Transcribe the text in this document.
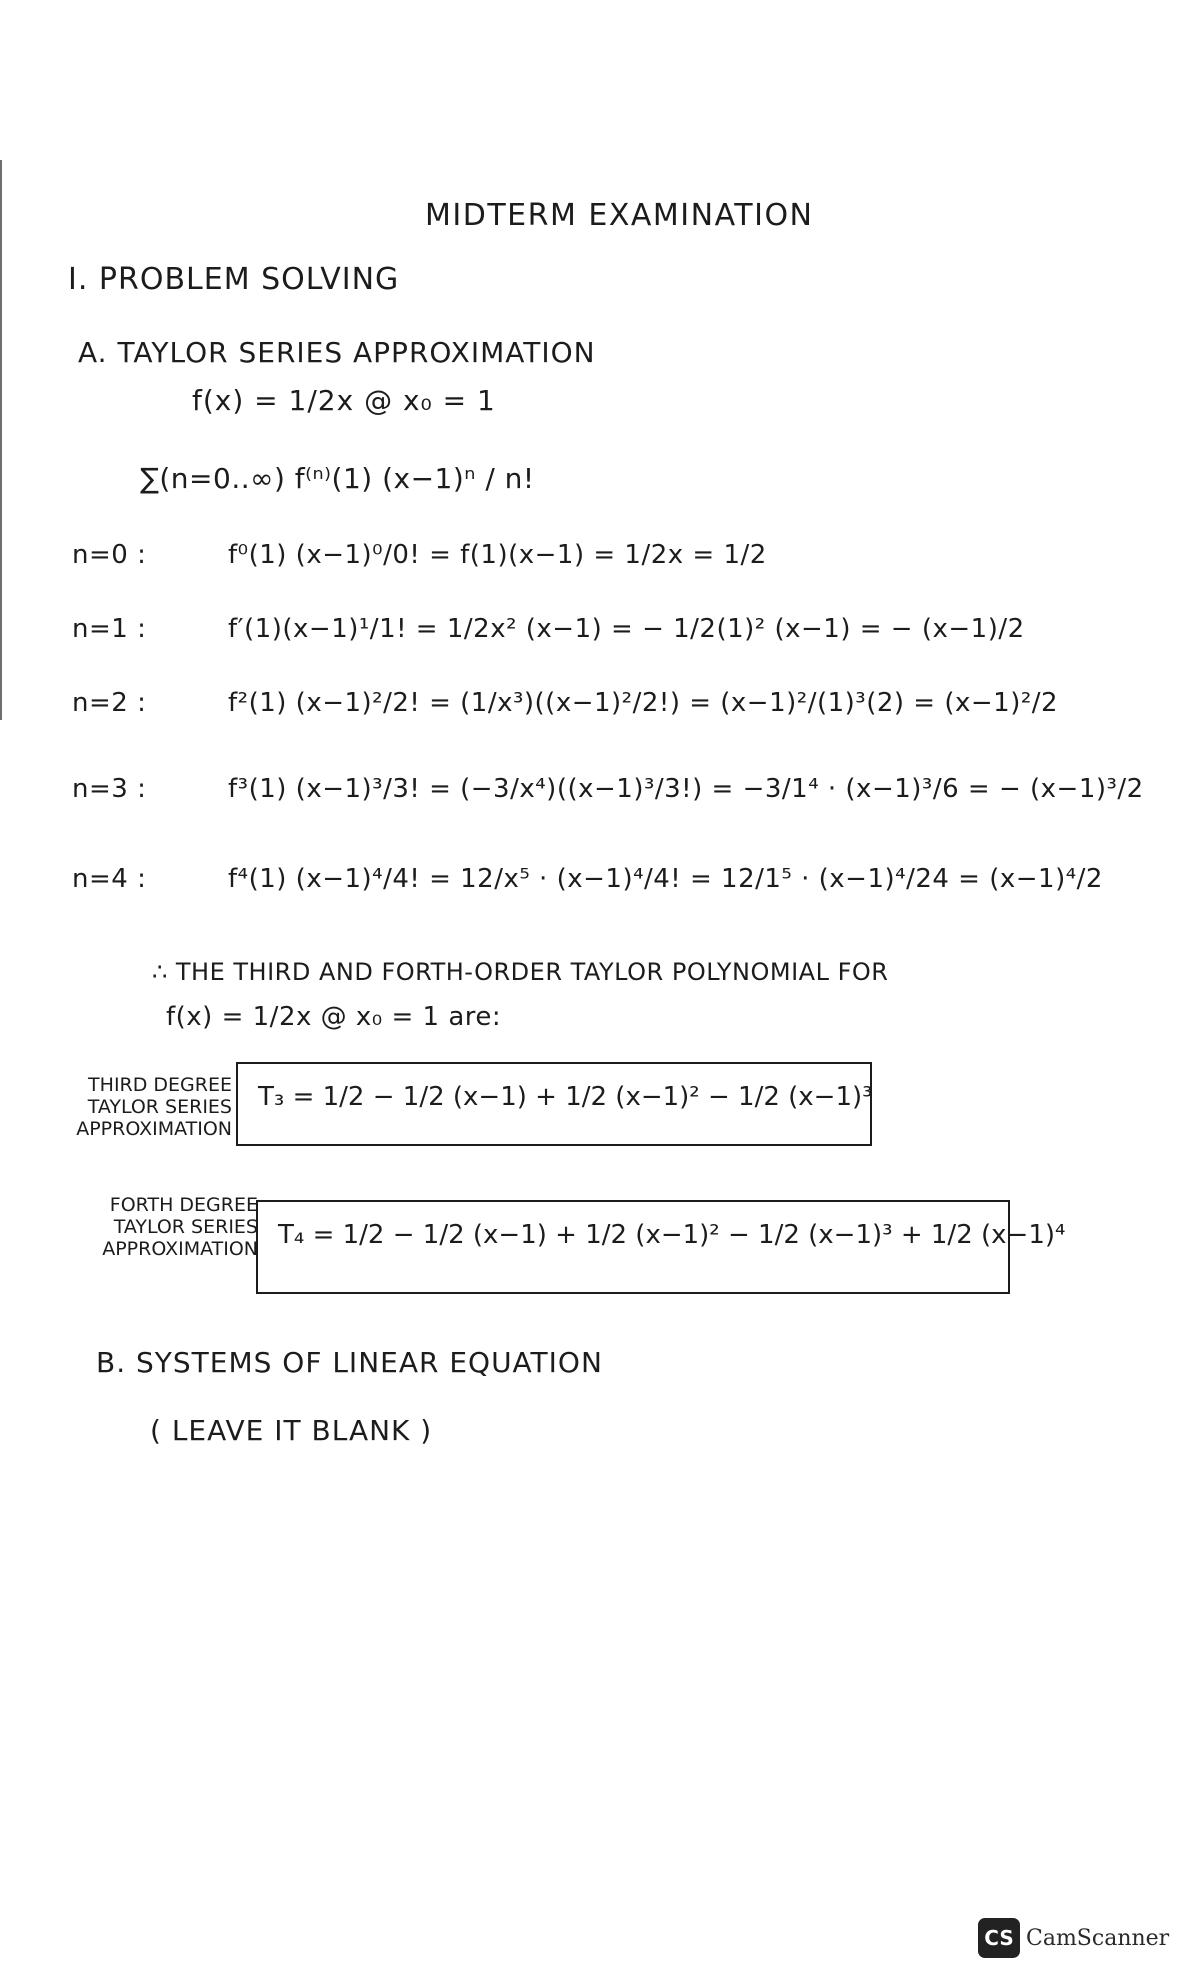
MIDTERM EXAMINATION
I. PROBLEM SOLVING
A. TAYLOR SERIES APPROXIMATION
f(x) = 1/2x @ x₀ = 1
∑(n=0..∞) f⁽ⁿ⁾(1) (x−1)ⁿ / n!
n=0 :	f⁰(1) (x−1)⁰/0! = f(1)(x−1) = 1/2x = 1/2
n=1 :	f′(1)(x−1)¹/1! = 1/2x² (x−1) = − 1/2(1)² (x−1) = − (x−1)/2
n=2 :	f²(1) (x−1)²/2! = (1/x³)((x−1)²/2!) = (x−1)²/(1)³(2) = (x−1)²/2
n=3 :	f³(1) (x−1)³/3! = (−3/x⁴)((x−1)³/3!) = −3/1⁴ · (x−1)³/6 = − (x−1)³/2
n=4 :	f⁴(1) (x−1)⁴/4! = 12/x⁵ · (x−1)⁴/4! = 12/1⁵ · (x−1)⁴/24 = (x−1)⁴/2
∴ THE THIRD AND FORTH-ORDER TAYLOR POLYNOMIAL FOR
f(x) = 1/2x @ x₀ = 1 are:
THIRD DEGREE
TAYLOR SERIES
APPROXIMATION
T₃ = 1/2 − 1/2 (x−1) + 1/2 (x−1)² − 1/2 (x−1)³
FORTH DEGREE
TAYLOR SERIES
APPROXIMATION T₄ = 1/2 − 1/2 (x−1) + 1/2 (x−1)² − 1/2 (x−1)³ + 1/2 (x−1)⁴
B. SYSTEMS OF LINEAR EQUATION
( LEAVE IT BLANK )
CS CamScanner
